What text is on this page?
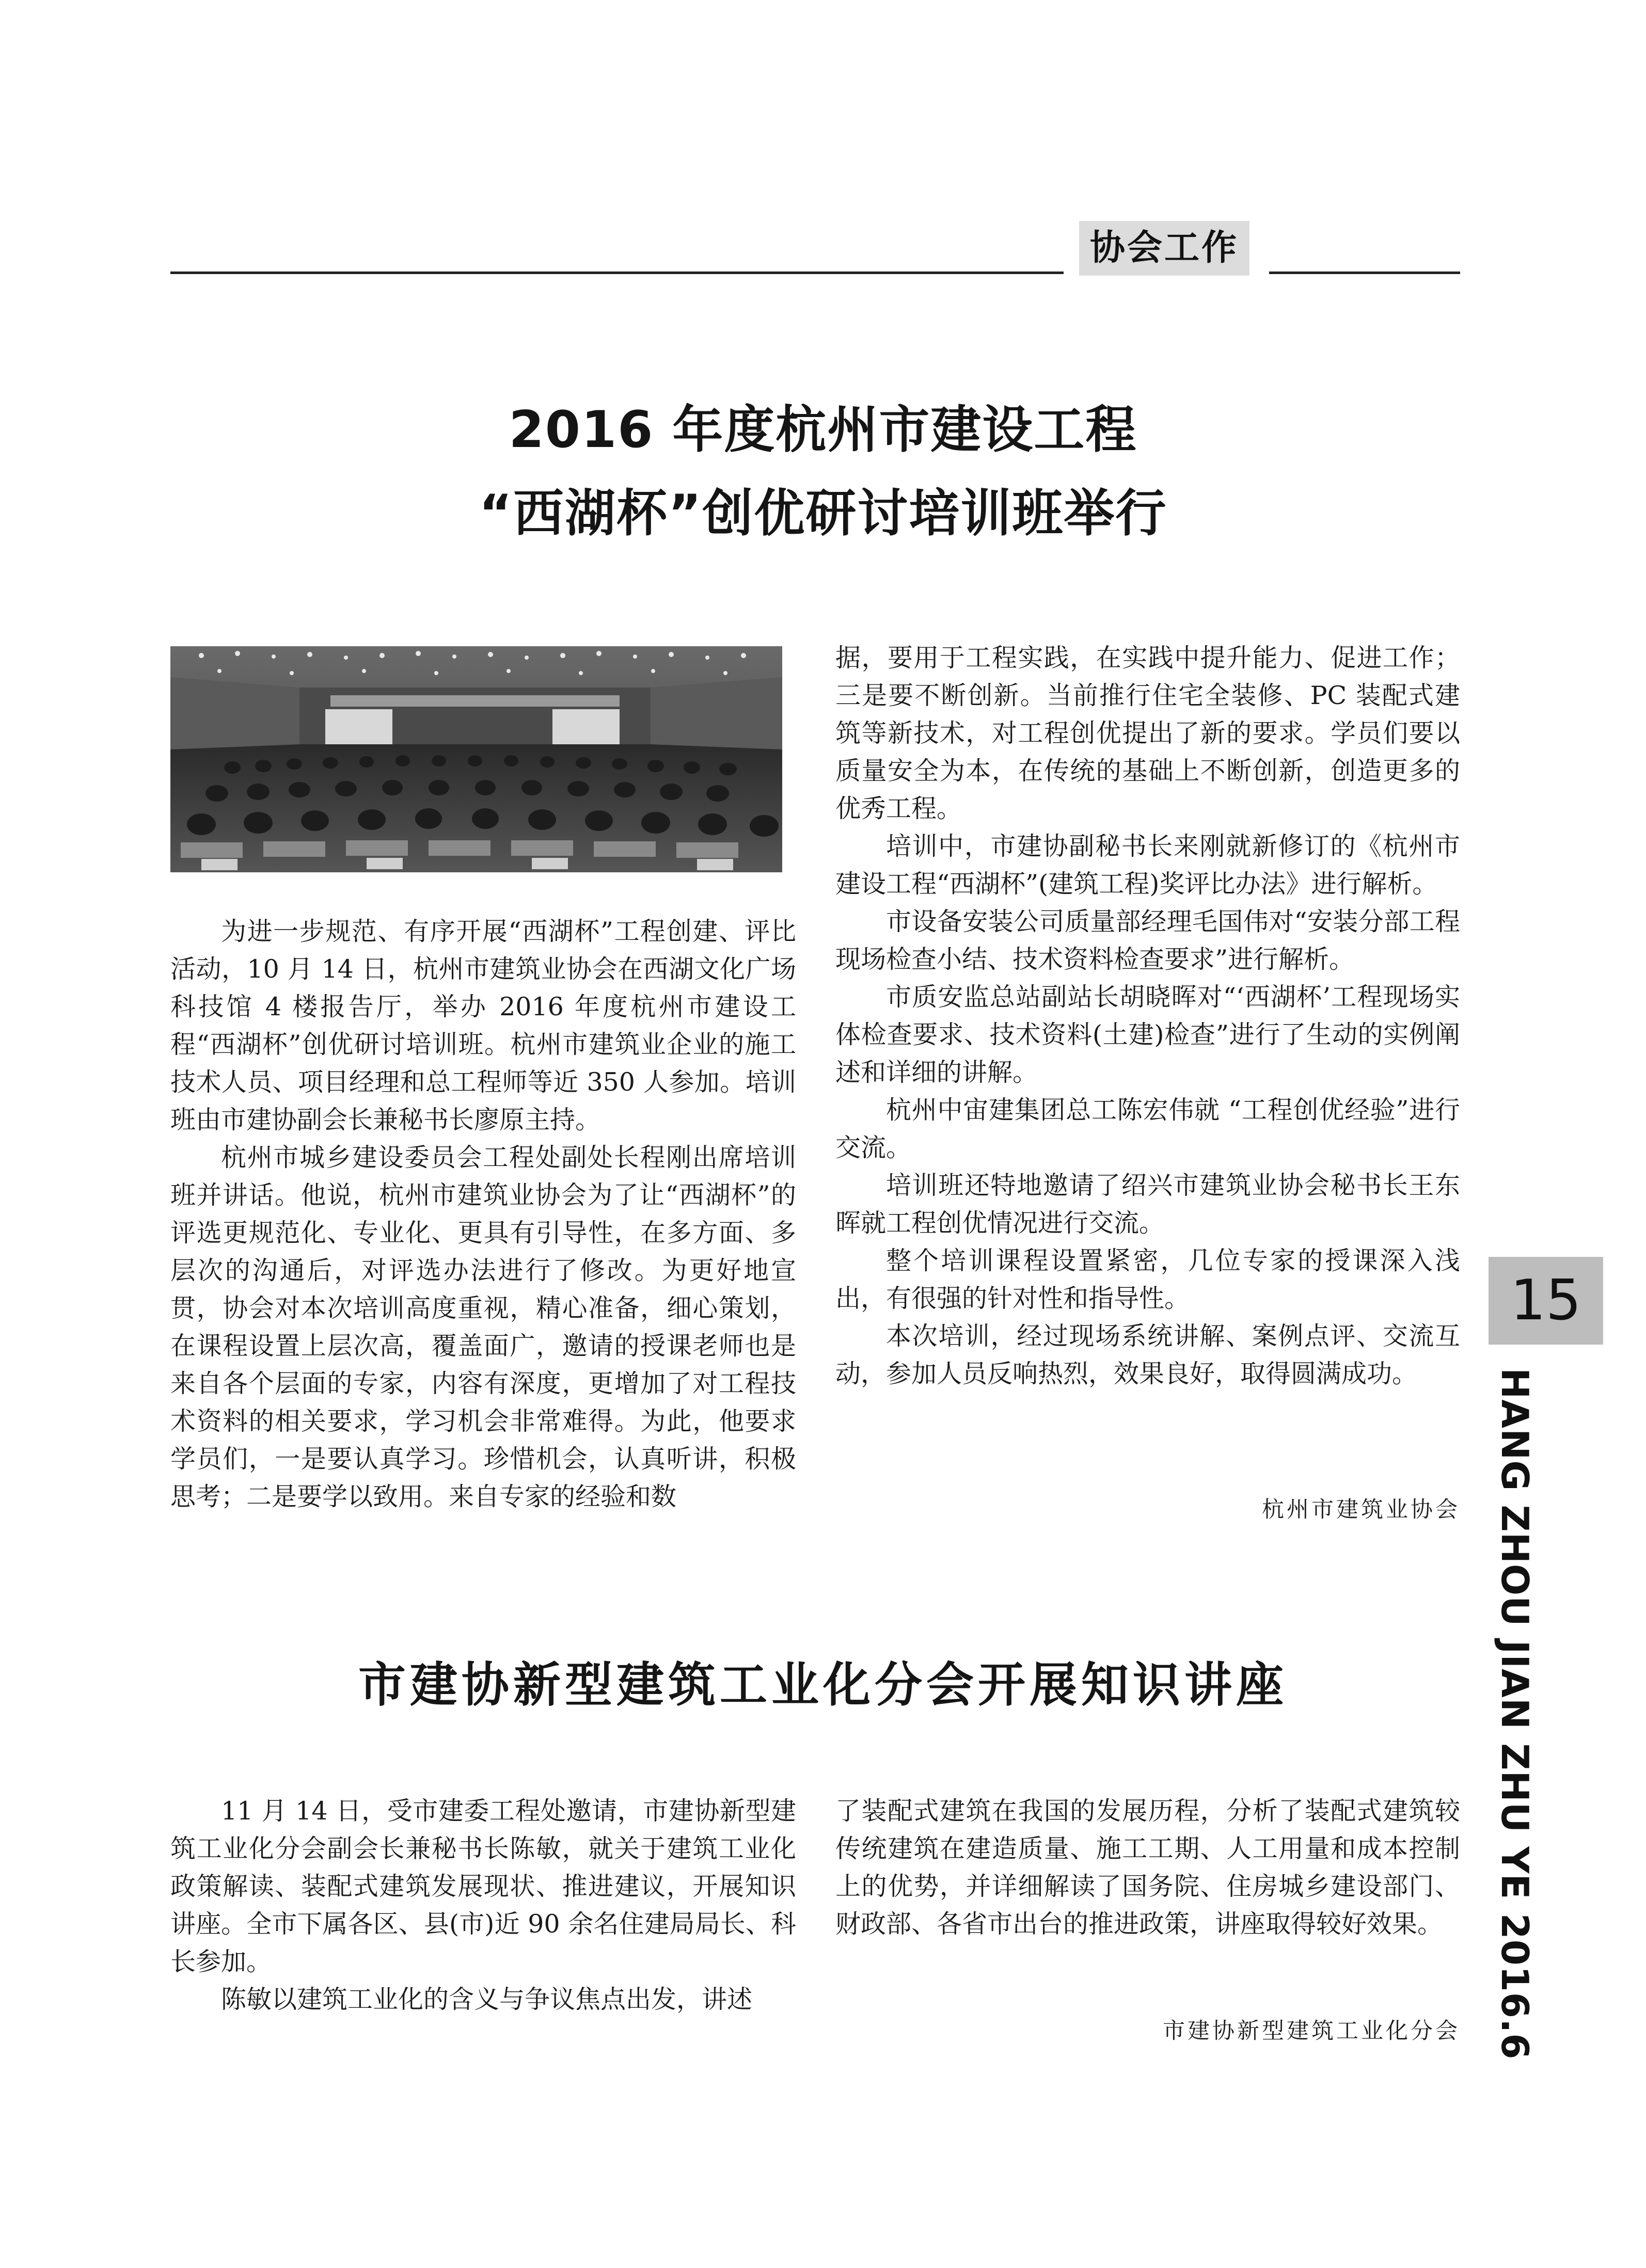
协会工作
2016 年度杭州市建设工程
“西湖杯”创优研讨培训班举行

为进一步规范、有序开展“西湖杯”工程创建、评比活动，10 月 14 日，杭州市建筑业协会在西湖文化广场科技馆 4 楼报告厅，举办 2016 年度杭州市建设工程“西湖杯”创优研讨培训班。杭州市建筑业企业的施工技术人员、项目经理和总工程师等近 350 人参加。培训班由市建协副会长兼秘书长廖原主持。

杭州市城乡建设委员会工程处副处长程刚出席培训班并讲话。他说，杭州市建筑业协会为了让“西湖杯”的评选更规范化、专业化、更具有引导性，在多方面、多层次的沟通后，对评选办法进行了修改。为更好地宣贯，协会对本次培训高度重视，精心准备，细心策划，在课程设置上层次高，覆盖面广，邀请的授课老师也是来自各个层面的专家，内容有深度，更增加了对工程技术资料的相关要求，学习机会非常难得。为此，他要求学员们，一是要认真学习。珍惜机会，认真听讲，积极思考；二是要学以致用。来自专家的经验和数

据，要用于工程实践，在实践中提升能力、促进工作；三是要不断创新。当前推行住宅全装修、PC 装配式建筑等新技术，对工程创优提出了新的要求。学员们要以质量安全为本，在传统的基础上不断创新，创造更多的优秀工程。

培训中，市建协副秘书长来刚就新修订的《杭州市建设工程“西湖杯”(建筑工程)奖评比办法》进行解析。

市设备安装公司质量部经理毛国伟对“安装分部工程现场检查小结、技术资料检查要求”进行解析。

市质安监总站副站长胡晓晖对“‘西湖杯’工程现场实体检查要求、技术资料(土建)检查”进行了生动的实例阐述和详细的讲解。

杭州中宙建集团总工陈宏伟就 “工程创优经验”进行交流。

培训班还特地邀请了绍兴市建筑业协会秘书长王东晖就工程创优情况进行交流。

整个培训课程设置紧密，几位专家的授课深入浅出，有很强的针对性和指导性。

本次培训，经过现场系统讲解、案例点评、交流互动，参加人员反响热烈，效果良好，取得圆满成功。

杭州市建筑业协会
市建协新型建筑工业化分会开展知识讲座

11 月 14 日，受市建委工程处邀请，市建协新型建筑工业化分会副会长兼秘书长陈敏，就关于建筑工业化政策解读、装配式建筑发展现状、推进建议，开展知识讲座。全市下属各区、县(市)近 90 余名住建局局长、科长参加。

陈敏以建筑工业化的含义与争议焦点出发，讲述

了装配式建筑在我国的发展历程，分析了装配式建筑较传统建筑在建造质量、施工工期、人工用量和成本控制上的优势，并详细解读了国务院、住房城乡建设部门、财政部、各省市出台的推进政策，讲座取得较好效果。

市建协新型建筑工业化分会
15
HANG ZHOU JIAN ZHU YE 2016.6
